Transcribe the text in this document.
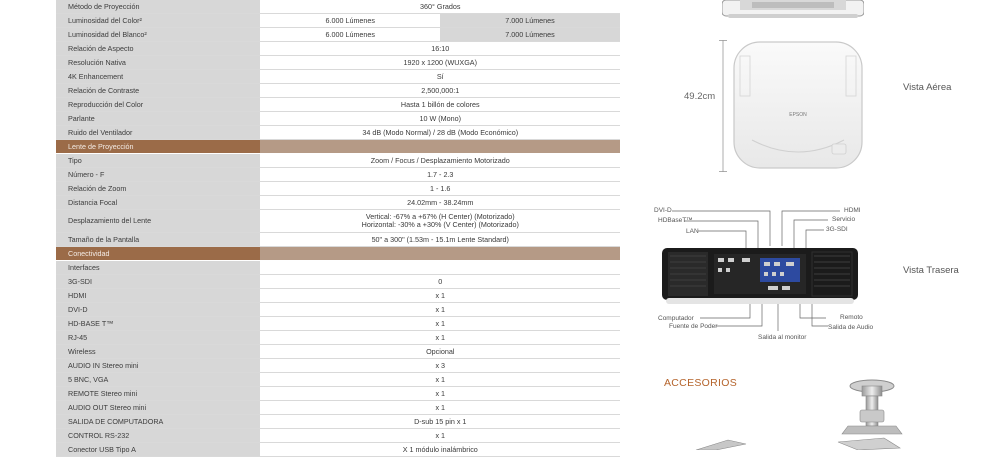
Método de Proyección	360° Grados	
Luminosidad del Color²	6.000 Lúmenes	7.000 Lúmenes
Luminosidad del Blanco²	6.000 Lúmenes	7.000 Lúmenes
Relación de Aspecto	16:10	
Resolución Nativa	1920 x 1200 (WUXGA)	
4K Enhancement	Sí	
Relación de Contraste	2,500,000:1	
Reproducción del Color	Hasta 1 billón de colores	
Parlante	10 W (Mono)	
Ruido del Ventilador	34 dB (Modo Normal) / 28 dB (Modo Económico)	
Lente de Proyección		
Tipo	Zoom / Focus / Desplazamiento Motorizado	
Número - F	1.7 - 2.3	
Relación de Zoom	1 - 1.6	
Distancia Focal	24.02mm - 38.24mm	
Desplazamiento del Lente	Vertical: -67% a +67% (H Center) (Motorizado)
Horizontal: -30% a +30% (V Center) (Motorizado)	

Tamaño de la Pantalla	50" a 300" (1.53m - 15.1m Lente Standard)	
Conectividad		
Interfaces		
3G-SDI	0	
HDMI	x 1	
DVI-D	x 1	
HD-BASE T™	x 1	
RJ-45	x 1	
Wireless	Opcional	
AUDIO IN Stereo mini	x 3	
5 BNC, VGA	x 1	
REMOTE Stereo mini	x 1	
AUDIO OUT Stereo mini	x 1	
SALIDA DE COMPUTADORA	D-sub 15 pin x 1	
CONTROL RS-232	x 1	
Conector USB Tipo A	X 1 módulo inalámbrico	
49.2cm
EPSON
Vista Aérea
DVI-D
HDBaseT™
LAN
HDMI
Servicio
3G-SDI
Vista Trasera
Computador
Fuente de Poder
Salida al monitor
Remoto
Salida de Audio
ACCESORIOS
